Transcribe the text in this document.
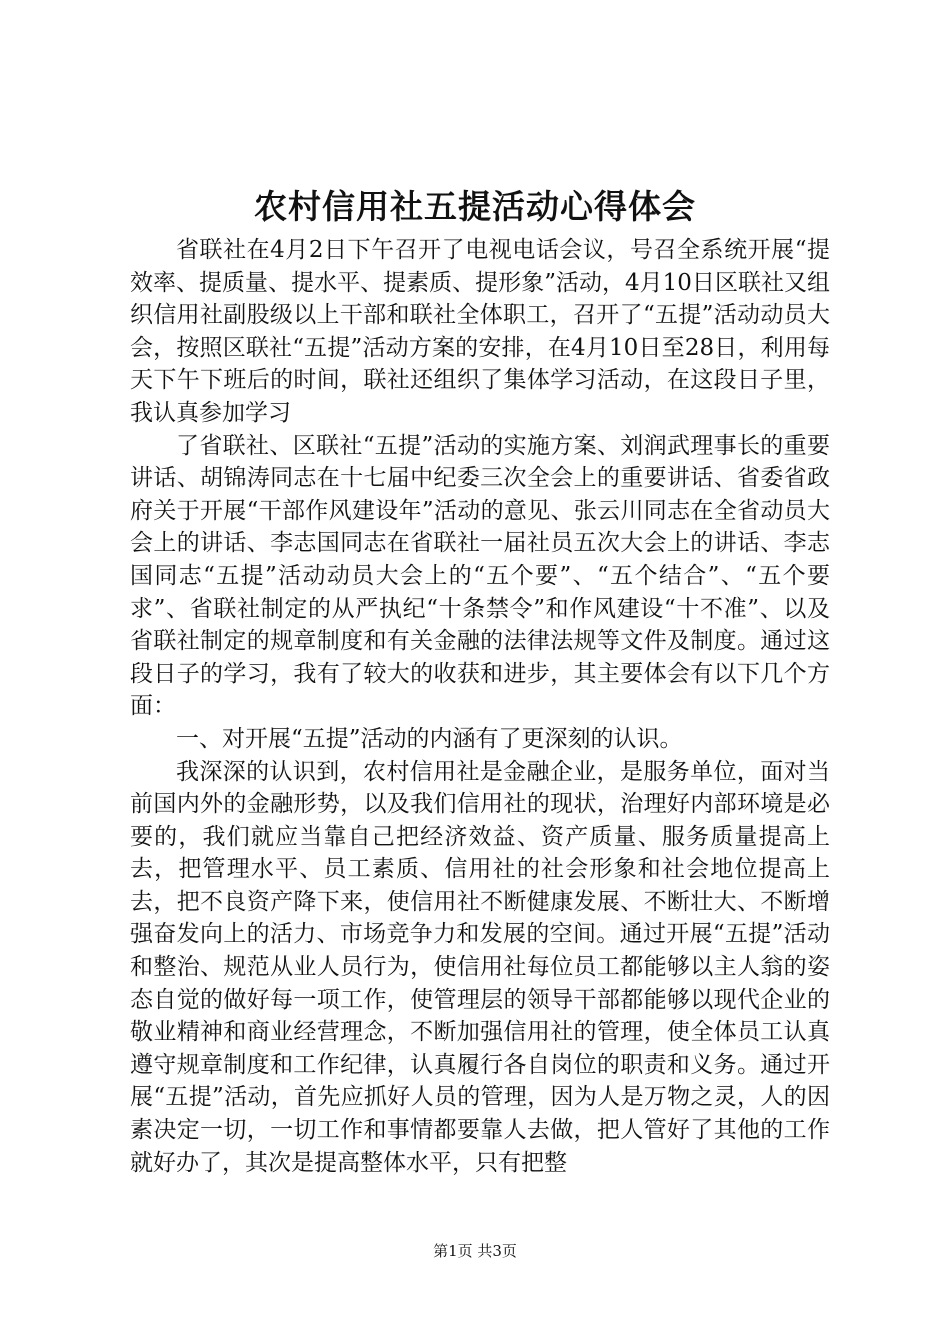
农村信用社五提活动心得体会

省联社在4月2日下午召开了电视电话会议，号召全系统开展“提效率、提质量、提水平、提素质、提形象”活动，4月10日区联社又组织信用社副股级以上干部和联社全体职工，召开了“五提”活动动员大会，按照区联社“五提”活动方案的安排，在4月10日至28日，利用每天下午下班后的时间，联社还组织了集体学习活动，在这段日子里，我认真参加学习

了省联社、区联社“五提”活动的实施方案、刘润武理事长的重要讲话、胡锦涛同志在十七届中纪委三次全会上的重要讲话、省委省政府关于开展“干部作风建设年”活动的意见、张云川同志在全省动员大会上的讲话、李志国同志在省联社一届社员五次大会上的讲话、李志国同志“五提”活动动员大会上的“五个要”、“五个结合”、“五个要求”、省联社制定的从严执纪“十条禁令”和作风建设“十不准”、以及省联社制定的规章制度和有关金融的法律法规等文件及制度。通过这段日子的学习，我有了较大的收获和进步，其主要体会有以下几个方面：

一、对开展“五提”活动的内涵有了更深刻的认识。

我深深的认识到，农村信用社是金融企业，是服务单位，面对当前国内外的金融形势，以及我们信用社的现状，治理好内部环境是必要的，我们就应当靠自己把经济效益、资产质量、服务质量提高上去，把管理水平、员工素质、信用社的社会形象和社会地位提高上去，把不良资产降下来，使信用社不断健康发展、不断壮大、不断增强奋发向上的活力、市场竞争力和发展的空间。通过开展“五提”活动和整治、规范从业人员行为，使信用社每位员工都能够以主人翁的姿态自觉的做好每一项工作，使管理层的领导干部都能够以现代企业的敬业精神和商业经营理念，不断加强信用社的管理，使全体员工认真遵守规章制度和工作纪律，认真履行各自岗位的职责和义务。通过开展“五提”活动，首先应抓好人员的管理，因为人是万物之灵，人的因素决定一切，一切工作和事情都要靠人去做，把人管好了其他的工作就好办了，其次是提高整体水平，只有把整

第1页 共3页
